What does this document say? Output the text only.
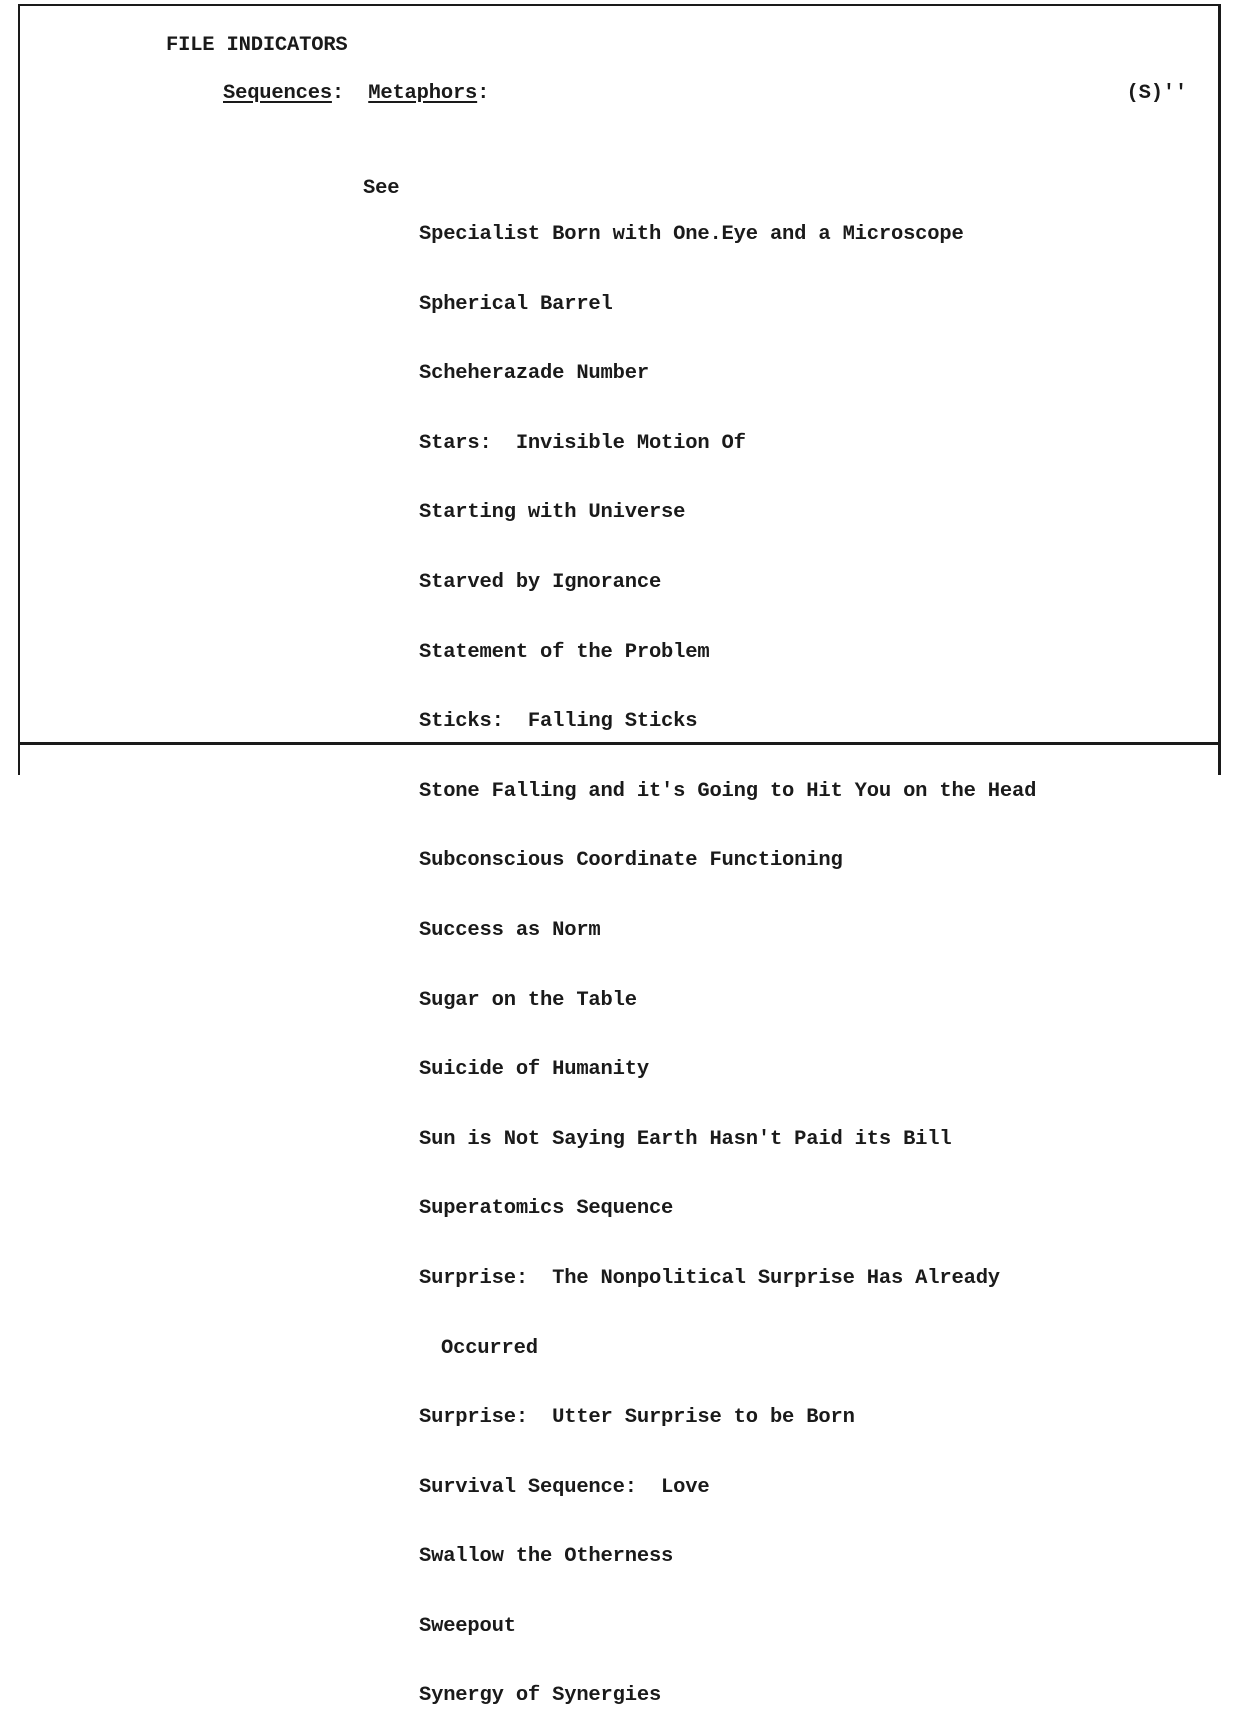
FILE INDICATORS
Sequences:  Metaphors:	(S)''
See

Specialist Born with One.Eye and a Microscope

Spherical Barrel

Scheherazade Number

Stars:  Invisible Motion Of

Starting with Universe

Starved by Ignorance

Statement of the Problem

Sticks:  Falling Sticks

Stone Falling and it's Going to Hit You on the Head

Subconscious Coordinate Functioning

Success as Norm

Sugar on the Table

Suicide of Humanity

Sun is Not Saying Earth Hasn't Paid its Bill

Superatomics Sequence

Surprise:  The Nonpolitical Surprise Has Already

Occurred

Surprise:  Utter Surprise to be Born

Survival Sequence:  Love

Swallow the Otherness

Sweepout

Synergy of Synergies
